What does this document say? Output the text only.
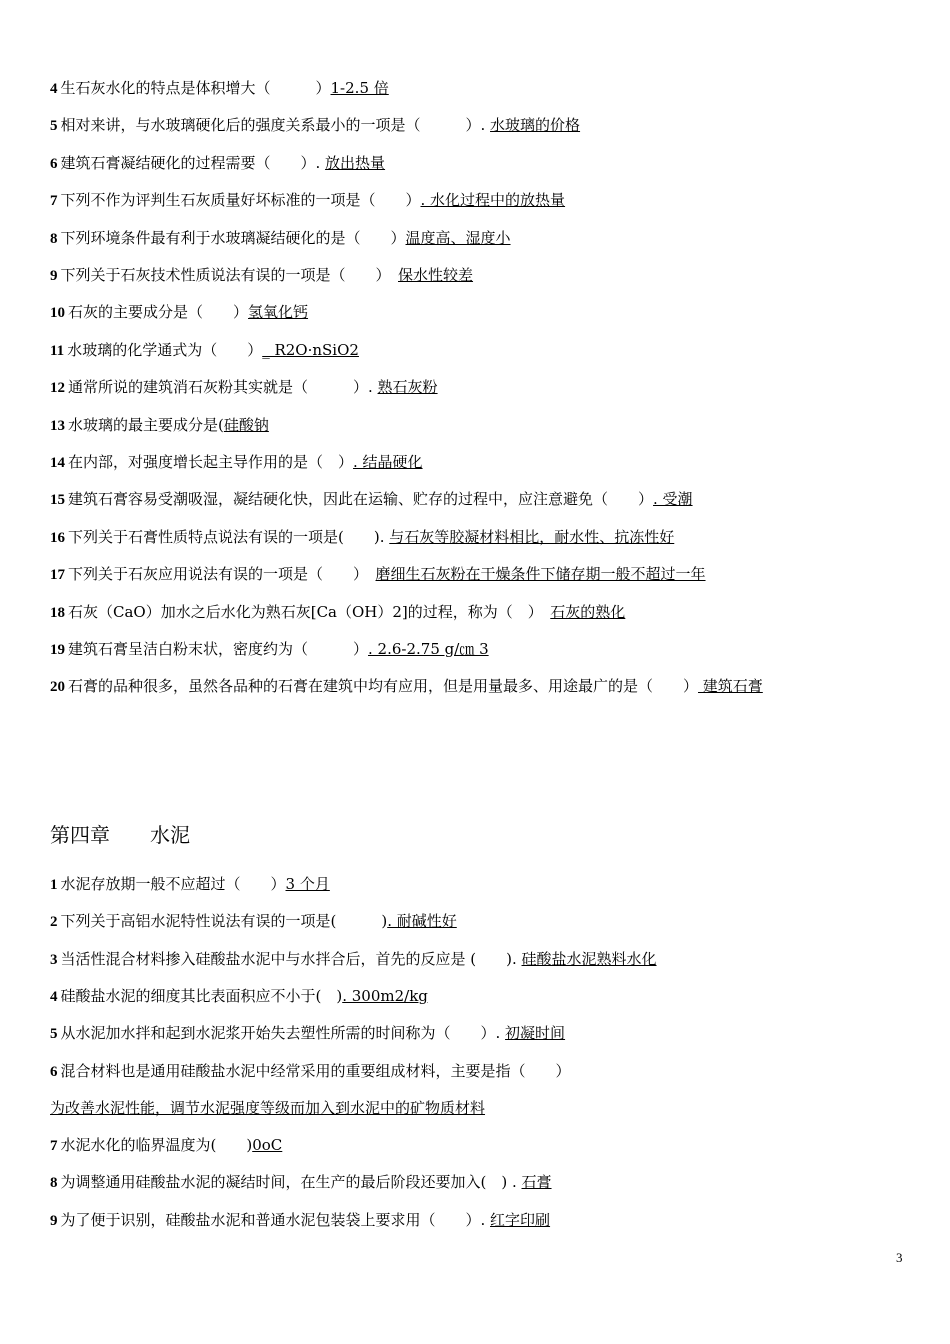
4 生石灰水化的特点是体积增大（　　　）1-2.5 倍
5 相对来讲，与水玻璃硬化后的强度关系最小的一项是（　　　）. 水玻璃的价格
6 建筑石膏凝结硬化的过程需要（　　）. 放出热量
7 下列不作为评判生石灰质量好坏标准的一项是（　　）. 水化过程中的放热量
8 下列环境条件最有利于水玻璃凝结硬化的是（　　）温度高、湿度小
9 下列关于石灰技术性质说法有误的一项是（　　）　保水性较差
10 石灰的主要成分是（　　）氢氧化钙
11 水玻璃的化学通式为（　　）_ R2O·nSiO2
12 通常所说的建筑消石灰粉其实就是（　　　）. 熟石灰粉
13 水玻璃的最主要成分是(硅酸钠
14 在内部，对强度增长起主导作用的是（　）. 结晶硬化
15 建筑石膏容易受潮吸湿，凝结硬化快，因此在运输、贮存的过程中，应注意避免（　　）. 受潮
16 下列关于石膏性质特点说法有误的一项是(　　). 与石灰等胶凝材料相比，耐水性、抗冻性好
17 下列关于石灰应用说法有误的一项是（　　）　磨细生石灰粉在干燥条件下储存期一般不超过一年
18 石灰（CaO）加水之后水化为熟石灰[Ca（OH）2]的过程，称为（　）　石灰的熟化
19 建筑石膏呈洁白粉末状，密度约为（　　　）. 2.6-2.75 g/㎝ 3
20 石膏的品种很多，虽然各品种的石膏在建筑中均有应用，但是用量最多、用途最广的是（　　） 建筑石膏
第四章　　水泥
1 水泥存放期一般不应超过（　　）3 个月
2 下列关于高铝水泥特性说法有误的一项是(　　　). 耐碱性好
3 当活性混合材料掺入硅酸盐水泥中与水拌合后，首先的反应是 (　　). 硅酸盐水泥熟料水化
4 硅酸盐水泥的细度其比表面积应不小于(　). 300m2/kg
5 从水泥加水拌和起到水泥浆开始失去塑性所需的时间称为（　　）. 初凝时间
6 混合材料也是通用硅酸盐水泥中经常采用的重要组成材料，主要是指（　　）
为改善水泥性能，调节水泥强度等级而加入到水泥中的矿物质材料
7 水泥水化的临界温度为(　　)0oC
8 为调整通用硅酸盐水泥的凝结时间，在生产的最后阶段还要加入(　) . 石膏
9 为了便于识别，硅酸盐水泥和普通水泥包装袋上要求用（　　）. 红字印刷
3
